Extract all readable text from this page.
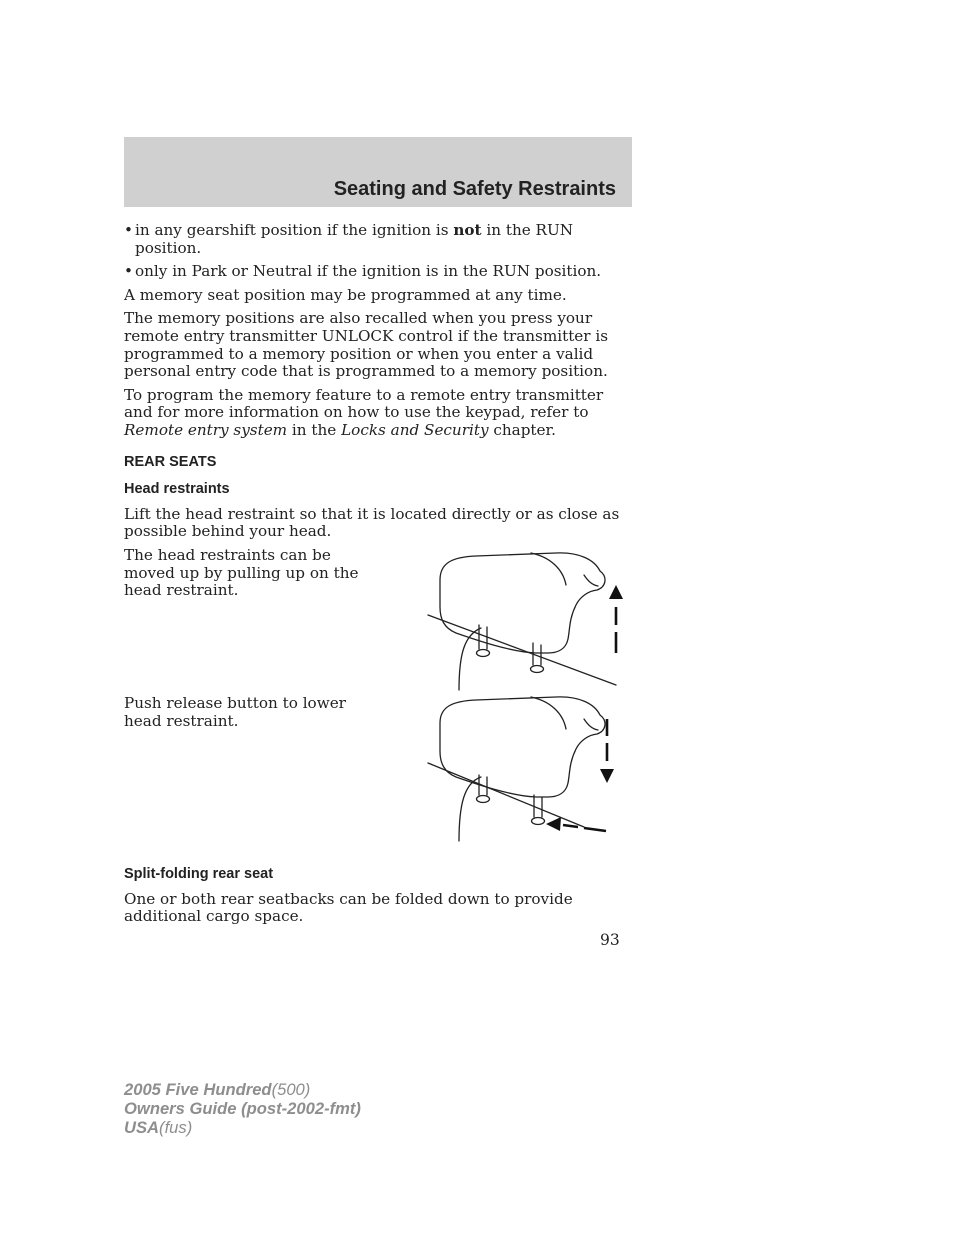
Seating and Safety Restraints
• in any gearshift position if the ignition is not in the RUN position.
• only in Park or Neutral if the ignition is in the RUN position.

A memory seat position may be programmed at any time.

The memory positions are also recalled when you press your remote entry transmitter UNLOCK control if the transmitter is programmed to a memory position or when you enter a valid personal entry code that is programmed to a memory position.

To program the memory feature to a remote entry transmitter and for more information on how to use the keypad, refer to Remote entry system in the Locks and Security chapter.

REAR SEATS
Head restraints

Lift the head restraint so that it is located directly or as close as possible behind your head.

The head restraints can be moved up by pulling up on the head restraint.
Push release button to lower head restraint.
Split-folding rear seat

One or both rear seatbacks can be folded down to provide additional cargo space.

93
2005 Five Hundred(500)
Owners Guide (post-2002-fmt)
USA(fus)
